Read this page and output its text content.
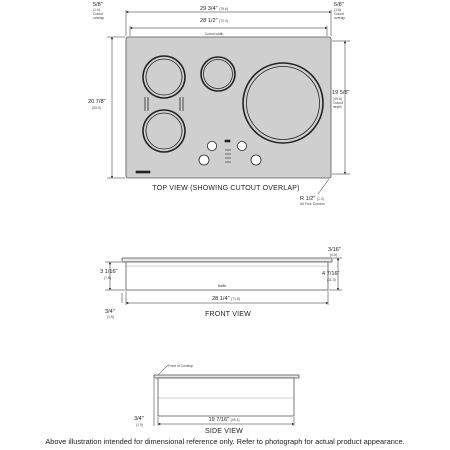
29 3/4" (75.6)
28 1/2" (72.4)
Cutout width
5/8"
(1.6)
Cutout overlap
5/8"
(1.6)
Cutout overlap
20 7/8"
(53.0)
19 5/8"
(49.8)
Cutout depth
TOP VIEW (SHOWING CUTOUT OVERLAP)
R 1/2" (1.3)
All Four Corners
Baffle
3 1/16"
(7.8)
3/16"
(0.5)
4 7/16"
(11.3)
28 1/4" (71.8)
3/4"
(1.9)	FRONT VIEW
Front of Cooktop
3/4"
(1.9)
19 7/16" (49.3)
SIDE VIEW
Above illustration intended for dimensional reference only. Refer to photograph for actual product appearance.
